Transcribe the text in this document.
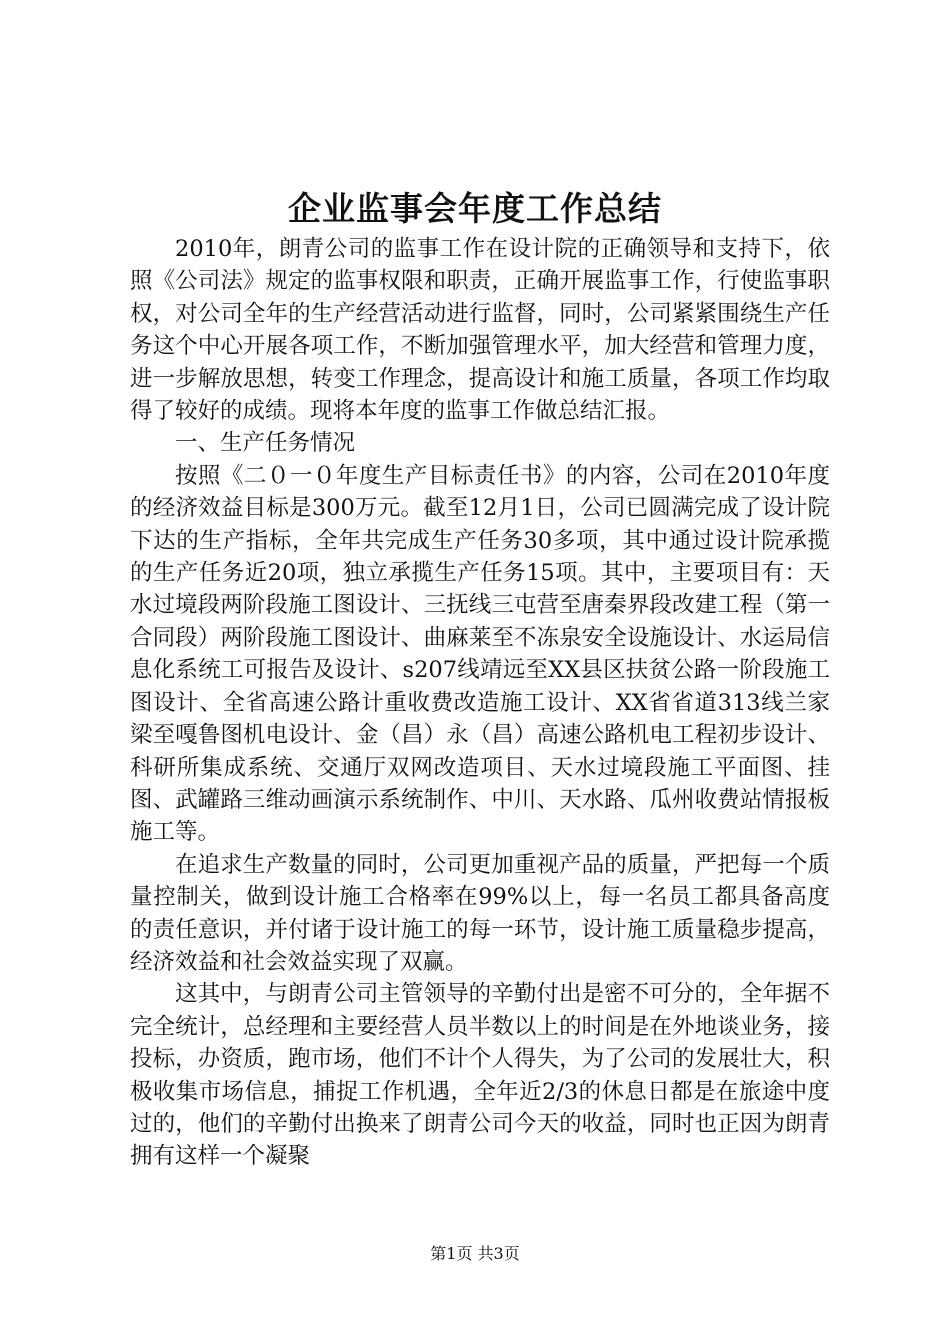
企业监事会年度工作总结

2010年，朗青公司的监事工作在设计院的正确领导和支持下，依照《公司法》规定的监事权限和职责，正确开展监事工作，行使监事职权，对公司全年的生产经营活动进行监督，同时，公司紧紧围绕生产任务这个中心开展各项工作，不断加强管理水平，加大经营和管理力度，进一步解放思想，转变工作理念，提高设计和施工质量，各项工作均取得了较好的成绩。现将本年度的监事工作做总结汇报。

一、生产任务情况

按照《二０一０年度生产目标责任书》的内容，公司在2010年度的经济效益目标是300万元。截至12月1日，公司已圆满完成了设计院下达的生产指标，全年共完成生产任务30多项，其中通过设计院承揽的生产任务近20项，独立承揽生产任务15项。其中，主要项目有：天水过境段两阶段施工图设计、三抚线三屯营至唐秦界段改建工程（第一合同段）两阶段施工图设计、曲麻莱至不冻泉安全设施设计、水运局信息化系统工可报告及设计、s207线靖远至XX县区扶贫公路一阶段施工图设计、全省高速公路计重收费改造施工设计、XX省省道313线兰家梁至嘎鲁图机电设计、金（昌）永（昌）高速公路机电工程初步设计、科研所集成系统、交通厅双网改造项目、天水过境段施工平面图、挂图、武罐路三维动画演示系统制作、中川、天水路、瓜州收费站情报板施工等。

在追求生产数量的同时，公司更加重视产品的质量，严把每一个质量控制关，做到设计施工合格率在99%以上，每一名员工都具备高度的责任意识，并付诸于设计施工的每一环节，设计施工质量稳步提高，经济效益和社会效益实现了双赢。

这其中，与朗青公司主管领导的辛勤付出是密不可分的，全年据不完全统计，总经理和主要经营人员半数以上的时间是在外地谈业务，接投标，办资质，跑市场，他们不计个人得失，为了公司的发展壮大，积极收集市场信息，捕捉工作机遇，全年近2/3的休息日都是在旅途中度过的，他们的辛勤付出换来了朗青公司今天的收益，同时也正因为朗青拥有这样一个凝聚

第1页 共3页
